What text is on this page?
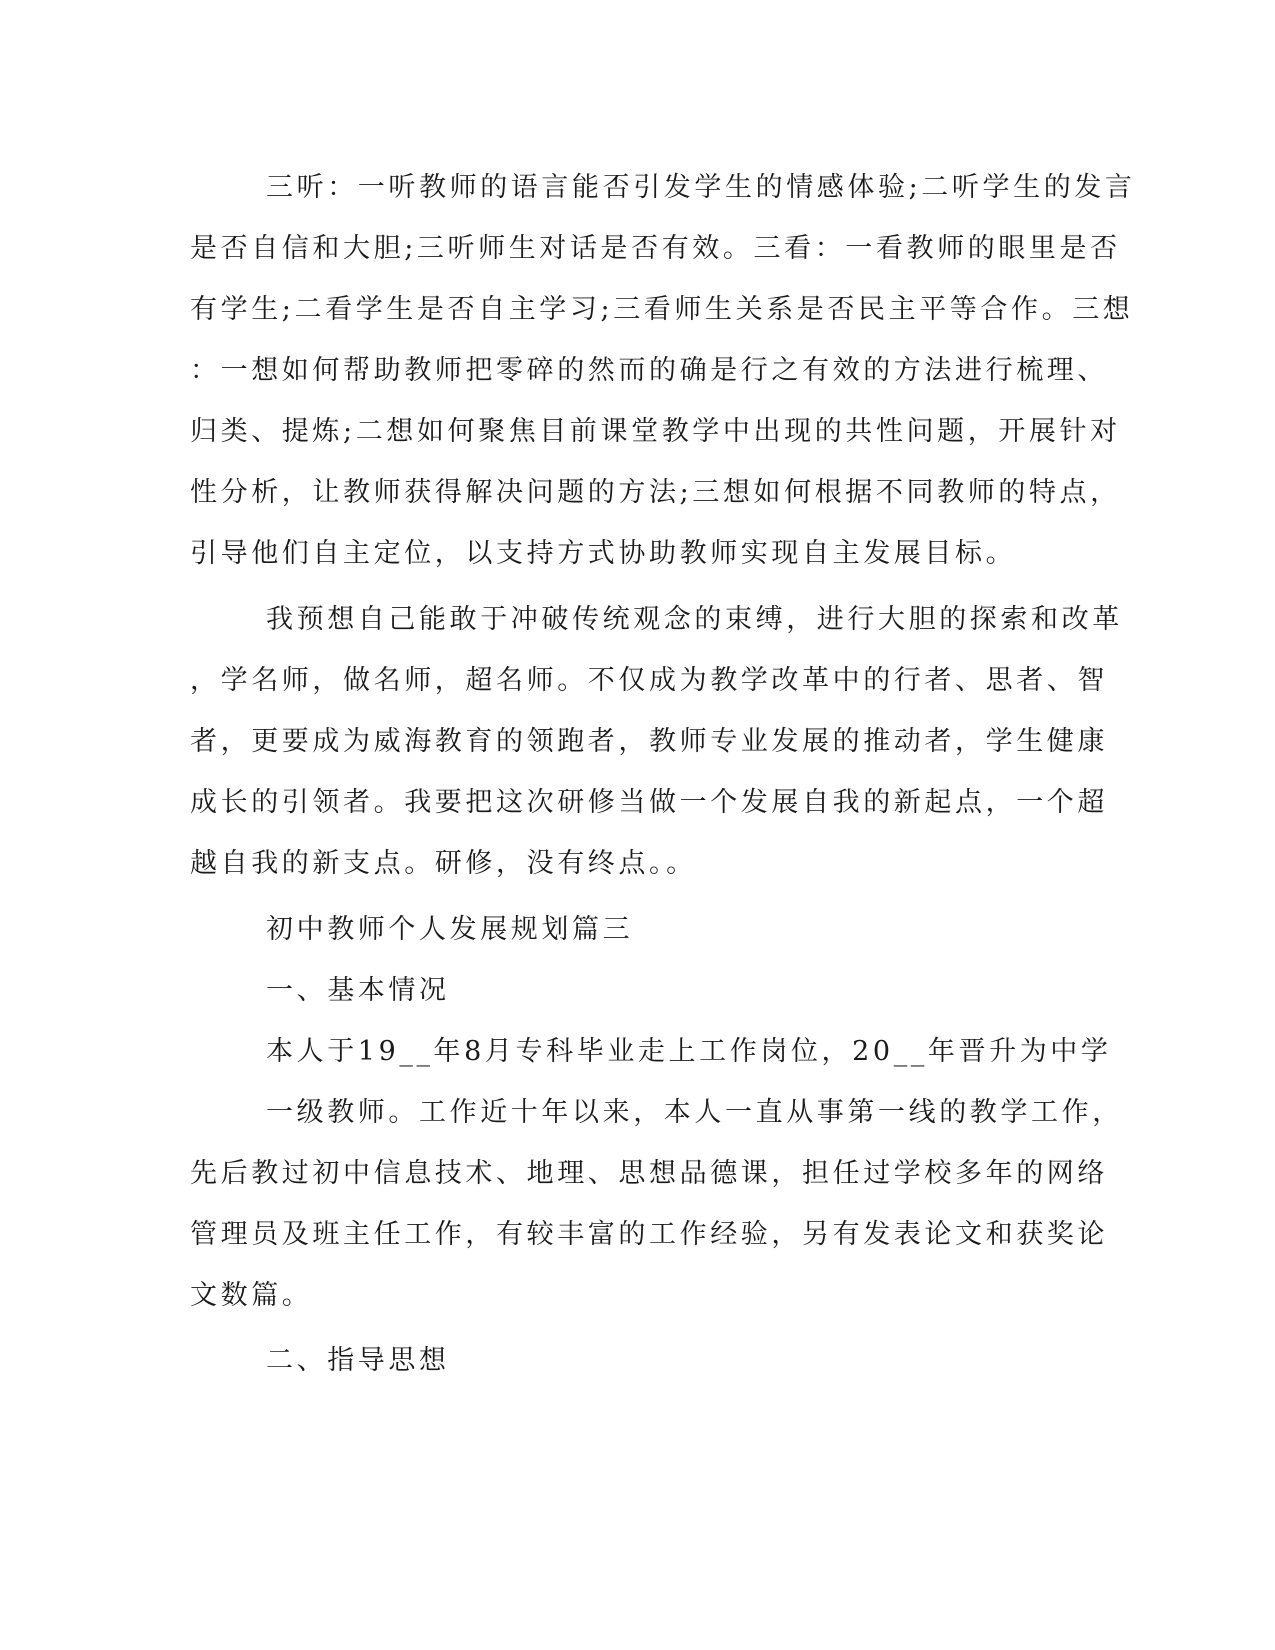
三听：一听教师的语言能否引发学生的情感体验;二听学生的发言

是否自信和大胆;三听师生对话是否有效。三看：一看教师的眼里是否

有学生;二看学生是否自主学习;三看师生关系是否民主平等合作。三想

：一想如何帮助教师把零碎的然而的确是行之有效的方法进行梳理、

归类、提炼;二想如何聚焦目前课堂教学中出现的共性问题，开展针对

性分析，让教师获得解决问题的方法;三想如何根据不同教师的特点，

引导他们自主定位，以支持方式协助教师实现自主发展目标。

我预想自己能敢于冲破传统观念的束缚，进行大胆的探索和改革

，学名师，做名师，超名师。不仅成为教学改革中的行者、思者、智

者，更要成为威海教育的领跑者，教师专业发展的推动者，学生健康

成长的引领者。我要把这次研修当做一个发展自我的新起点，一个超

越自我的新支点。研修，没有终点。。

初中教师个人发展规划篇三

一、基本情况

本人于19__年8月专科毕业走上工作岗位，20__年晋升为中学

一级教师。工作近十年以来，本人一直从事第一线的教学工作，

先后教过初中信息技术、地理、思想品德课，担任过学校多年的网络

管理员及班主任工作，有较丰富的工作经验，另有发表论文和获奖论

文数篇。

二、指导思想
